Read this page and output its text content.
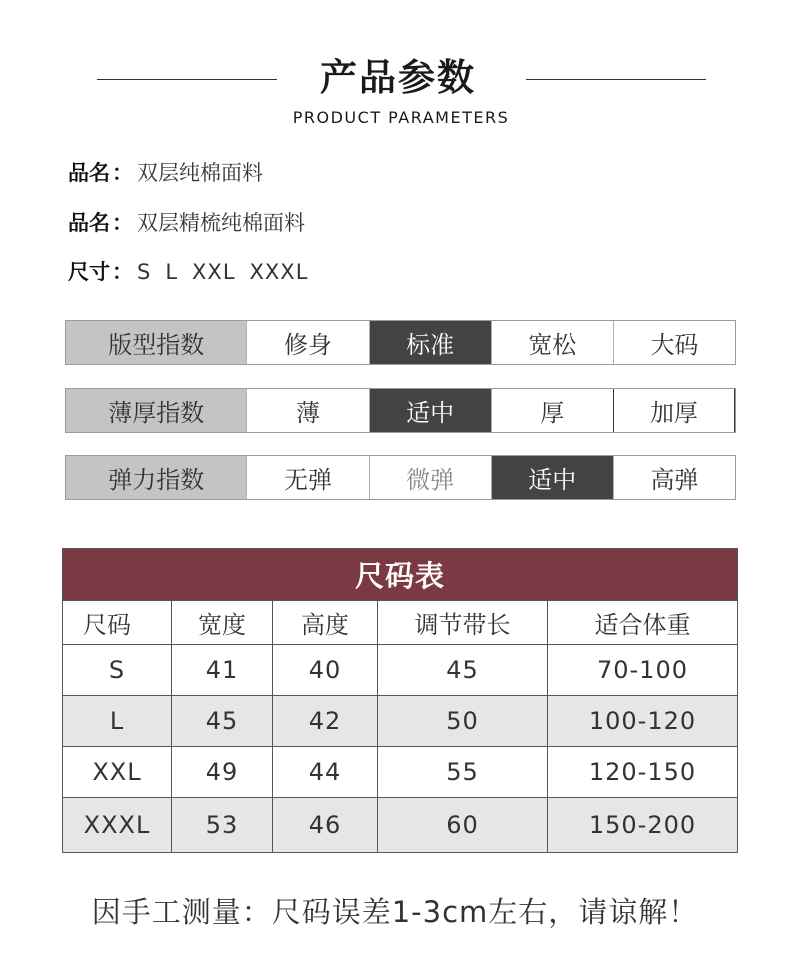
产品参数
PRODUCT PARAMETERS
品名： 双层纯棉面料
品名： 双层精梳纯棉面料
尺寸： S L XXL XXXL
版型指数	修身	标准	宽松	大码
薄厚指数	薄	适中	厚	加厚
弹力指数	无弹	微弹	适中	高弹
尺码表
尺码	宽度	高度	调节带长	适合体重
S	41	40	45	70-100
L	45	42	50	100-120
XXL	49	44	55	120-150
XXXL	53	46	60	150-200
因手工测量：尺码误差1-3cm左右，请谅解！
